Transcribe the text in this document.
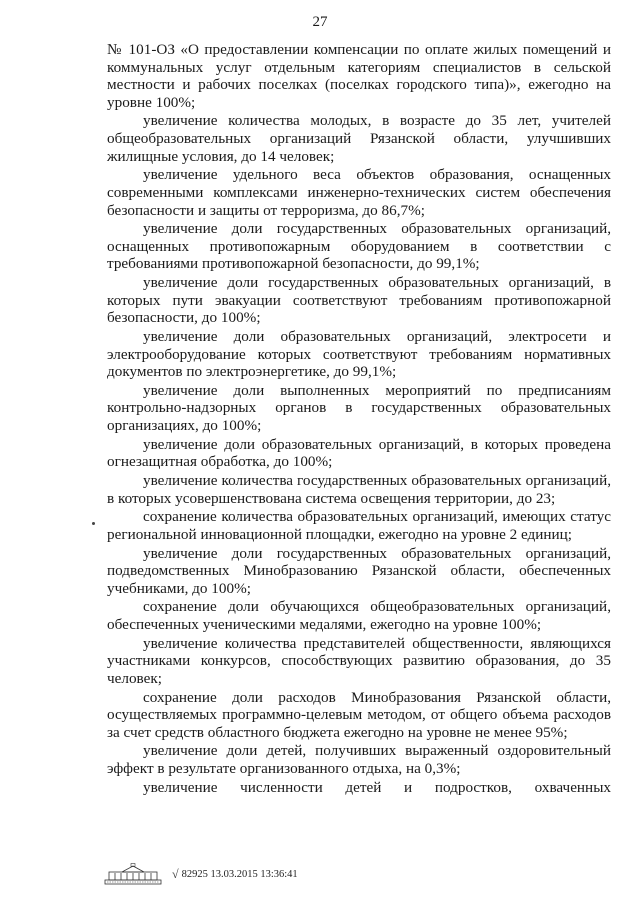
27

№ 101-ОЗ «О предоставлении компенсации по оплате жилых помещений и коммунальных услуг отдельным категориям специалистов в сельской местности и рабочих поселках (поселках городского типа)», ежегодно на уровне 100%;

увеличение количества молодых, в возрасте до 35 лет, учителей общеобразовательных организаций Рязанской области, улучшивших жилищные условия, до 14 человек;

увеличение удельного веса объектов образования, оснащенных современными комплексами инженерно-технических систем обеспечения безопасности и защиты от терроризма, до 86,7%;

увеличение доли государственных образовательных организаций, оснащенных противопожарным оборудованием в соответствии с требованиями противопожарной безопасности, до 99,1%;

увеличение доли государственных образовательных организаций, в которых пути эвакуации соответствуют требованиям противопожарной безопасности, до 100%;

увеличение доли образовательных организаций, электросети и электрооборудование которых соответствуют требованиям нормативных документов по электроэнергетике, до 99,1%;

увеличение доли выполненных мероприятий по предписаниям контрольно-надзорных органов в государственных образовательных организациях, до 100%;

увеличение доли образовательных организаций, в которых проведена огнезащитная обработка, до 100%;

увеличение количества государственных образовательных организаций, в которых усовершенствована система освещения территории, до 23;

сохранение количества образовательных организаций, имеющих статус региональной инновационной площадки, ежегодно на уровне 2 единиц;

увеличение доли государственных образовательных организаций, подведомственных Минобразованию Рязанской области, обеспеченных учебниками, до 100%;

сохранение доли обучающихся общеобразовательных организаций, обеспеченных ученическими медалями, ежегодно на уровне 100%;

увеличение количества представителей общественности, являющихся участниками конкурсов, способствующих развитию образования, до 35 человек;

сохранение доли расходов Минобразования Рязанской области, осуществляемых программно-целевым методом, от общего объема расходов за счет средств областного бюджета ежегодно на уровне не менее 95%;

увеличение доли детей, получивших выраженный оздоровительный эффект в результате организованного отдыха, на 0,3%;

увеличение численности детей и подростков, охваченных

√ 82925 13.03.2015 13:36:41
